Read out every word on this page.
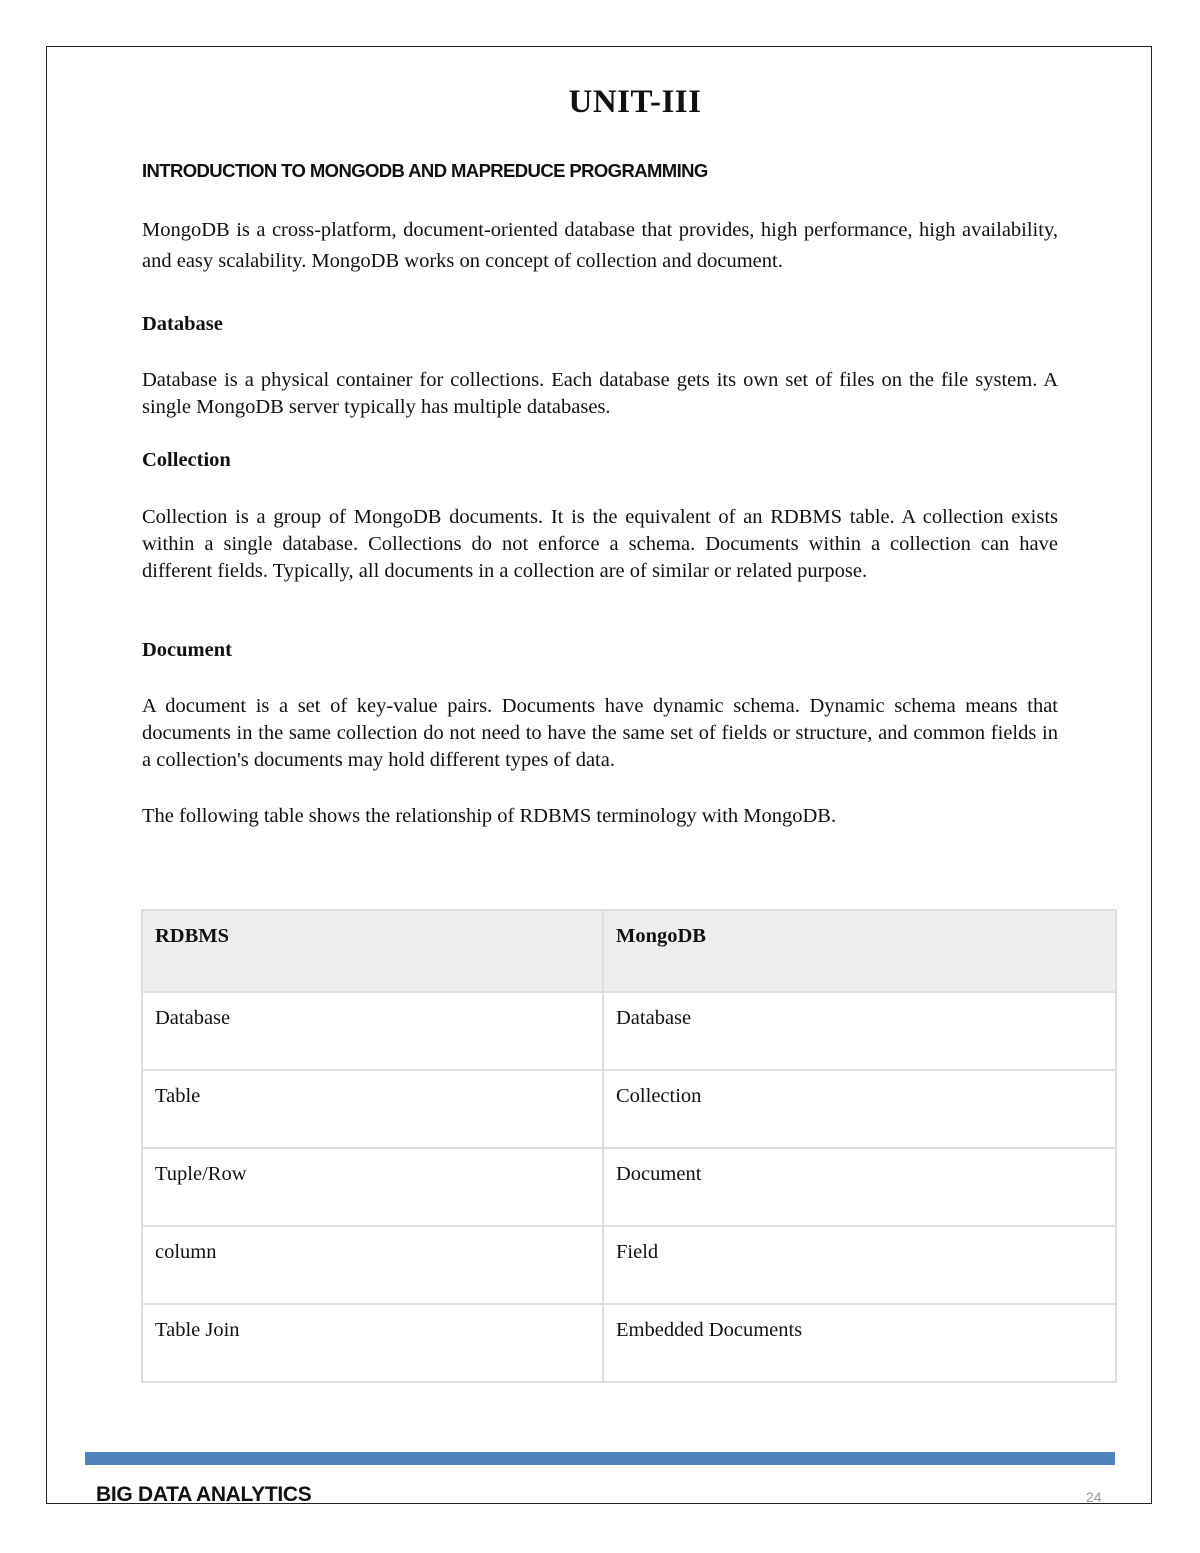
UNIT-III
INTRODUCTION TO MONGODB AND MAPREDUCE PROGRAMMING
MongoDB is a cross-platform, document-oriented database that provides, high performance, high availability, and easy scalability. MongoDB works on concept of collection and document.
Database
Database is a physical container for collections. Each database gets its own set of files on the file system. A single MongoDB server typically has multiple databases.
Collection
Collection is a group of MongoDB documents. It is the equivalent of an RDBMS table. A collection exists within a single database. Collections do not enforce a schema. Documents within a collection can have different fields. Typically, all documents in a collection are of similar or related purpose.
Document
A document is a set of key-value pairs. Documents have dynamic schema. Dynamic schema means that documents in the same collection do not need to have the same set of fields or structure, and common fields in a collection's documents may hold different types of data.
The following table shows the relationship of RDBMS terminology with MongoDB.
RDBMS	MongoDB
Database	Database
Table	Collection
Tuple/Row	Document
column	Field
Table Join	Embedded Documents
BIG DATA ANALYTICS	24
